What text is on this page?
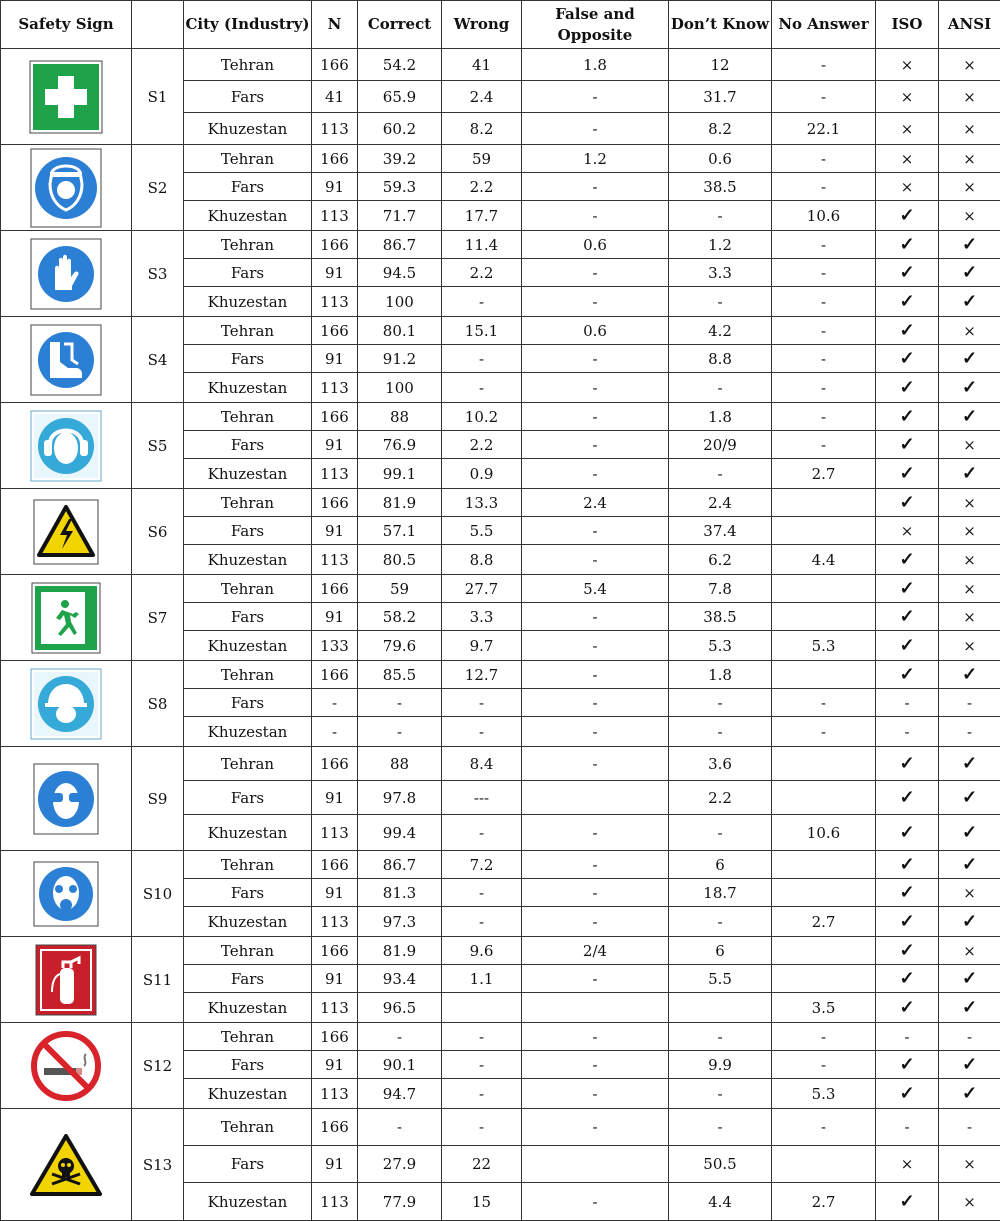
Safety Sign		City (Industry)	N	Correct	Wrong	False and Opposite	Don’t Know	No Answer	ISO	ANSI

	S1	Tehran	166	54.2	41	1.8	12	-	×	×
		Fars	41	65.9	2.4	-	31.7	-	×	×
		Khuzestan	113	60.2	8.2	-	8.2	22.1	×	×

	S2	Tehran	166	39.2	59	1.2	0.6	-	×	×
		Fars	91	59.3	2.2	-	38.5	-	×	×
		Khuzestan	113	71.7	17.7	-	-	10.6	✓	×

	S3	Tehran	166	86.7	11.4	0.6	1.2	-	✓	✓
		Fars	91	94.5	2.2	-	3.3	-	✓	✓
		Khuzestan	113	100	-	-	-	-	✓	✓

	S4	Tehran	166	80.1	15.1	0.6	4.2	-	✓	×
		Fars	91	91.2	-	-	8.8	-	✓	✓
		Khuzestan	113	100	-	-	-	-	✓	✓

	S5	Tehran	166	88	10.2	-	1.8	-	✓	✓
		Fars	91	76.9	2.2	-	20/9	-	✓	×
		Khuzestan	113	99.1	0.9	-	-	2.7	✓	✓

	S6	Tehran	166	81.9	13.3	2.4	2.4		✓	×
		Fars	91	57.1	5.5	-	37.4		×	×
		Khuzestan	113	80.5	8.8	-	6.2	4.4	✓	×

	S7	Tehran	166	59	27.7	5.4	7.8		✓	×
		Fars	91	58.2	3.3	-	38.5		✓	×
		Khuzestan	133	79.6	9.7	-	5.3	5.3	✓	×

	S8	Tehran	166	85.5	12.7	-	1.8		✓	✓
		Fars	-	-	-	-	-	-	-	-
		Khuzestan	-	-	-	-	-	-	-	-

	S9	Tehran	166	88	8.4	-	3.6		✓	✓
		Fars	91	97.8	---		2.2		✓	✓
		Khuzestan	113	99.4	-	-	-	10.6	✓	✓

	S10	Tehran	166	86.7	7.2	-	6		✓	✓
		Fars	91	81.3	-	-	18.7		✓	×
		Khuzestan	113	97.3	-	-	-	2.7	✓	✓

	S11	Tehran	166	81.9	9.6	2/4	6		✓	×
		Fars	91	93.4	1.1	-	5.5		✓	✓
		Khuzestan	113	96.5				3.5	✓	✓

	S12	Tehran	166	-	-	-	-	-	-	-
		Fars	91	90.1	-	-	9.9	-	✓	✓
		Khuzestan	113	94.7	-	-	-	5.3	✓	✓

	S13	Tehran	166	-	-	-	-	-	-	-
		Fars	91	27.9	22		50.5		×	×
		Khuzestan	113	77.9	15	-	4.4	2.7	✓	×
